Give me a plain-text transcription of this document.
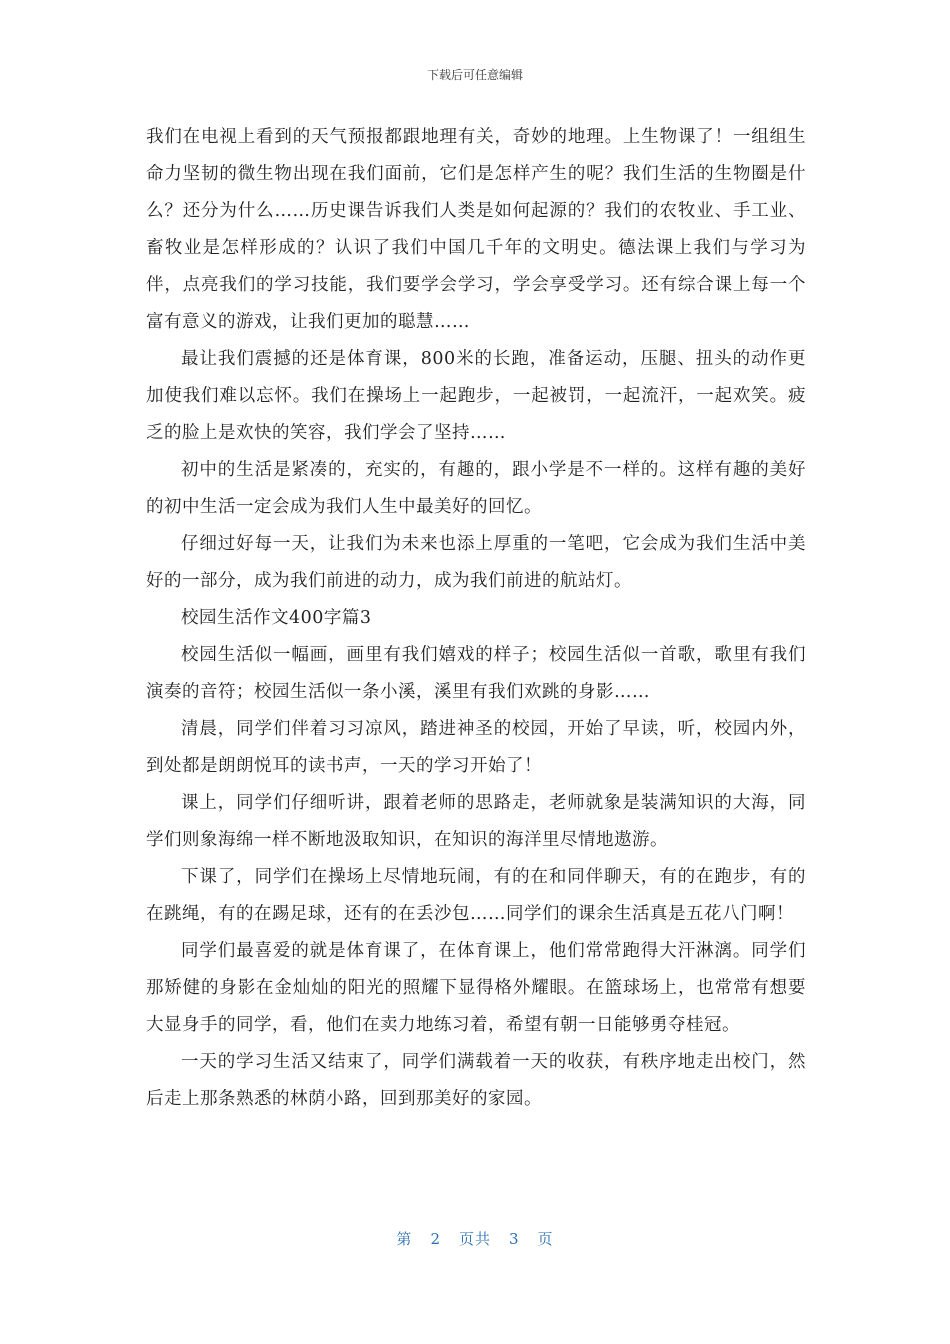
下载后可任意编辑

我们在电视上看到的天气预报都跟地理有关，奇妙的地理。上生物课了！一组组生命力坚韧的微生物出现在我们面前，它们是怎样产生的呢？我们生活的生物圈是什么？还分为什么……历史课告诉我们人类是如何起源的？我们的农牧业、手工业、畜牧业是怎样形成的？认识了我们中国几千年的文明史。德法课上我们与学习为伴，点亮我们的学习技能，我们要学会学习，学会享受学习。还有综合课上每一个富有意义的游戏，让我们更加的聪慧……

最让我们震撼的还是体育课，800米的长跑，准备运动，压腿、扭头的动作更加使我们难以忘怀。我们在操场上一起跑步，一起被罚，一起流汗，一起欢笑。疲乏的脸上是欢快的笑容，我们学会了坚持……

初中的生活是紧凑的，充实的，有趣的，跟小学是不一样的。这样有趣的美好的初中生活一定会成为我们人生中最美好的回忆。

仔细过好每一天，让我们为未来也添上厚重的一笔吧，它会成为我们生活中美好的一部分，成为我们前进的动力，成为我们前进的航站灯。

校园生活作文400字篇3

校园生活似一幅画，画里有我们嬉戏的样子；校园生活似一首歌，歌里有我们演奏的音符；校园生活似一条小溪，溪里有我们欢跳的身影……

清晨，同学们伴着习习凉风，踏进神圣的校园，开始了早读，听，校园内外，到处都是朗朗悦耳的读书声，一天的学习开始了！

课上，同学们仔细听讲，跟着老师的思路走，老师就象是装满知识的大海，同学们则象海绵一样不断地汲取知识，在知识的海洋里尽情地遨游。

下课了，同学们在操场上尽情地玩闹，有的在和同伴聊天，有的在跑步，有的在跳绳，有的在踢足球，还有的在丢沙包……同学们的课余生活真是五花八门啊！

同学们最喜爱的就是体育课了，在体育课上，他们常常跑得大汗淋漓。同学们那矫健的身影在金灿灿的阳光的照耀下显得格外耀眼。在篮球场上，也常常有想要大显身手的同学，看，他们在卖力地练习着，希望有朝一日能够勇夺桂冠。

一天的学习生活又结束了，同学们满载着一天的收获，有秩序地走出校门，然后走上那条熟悉的林荫小路，回到那美好的家园。

第 2 页共 3 页
